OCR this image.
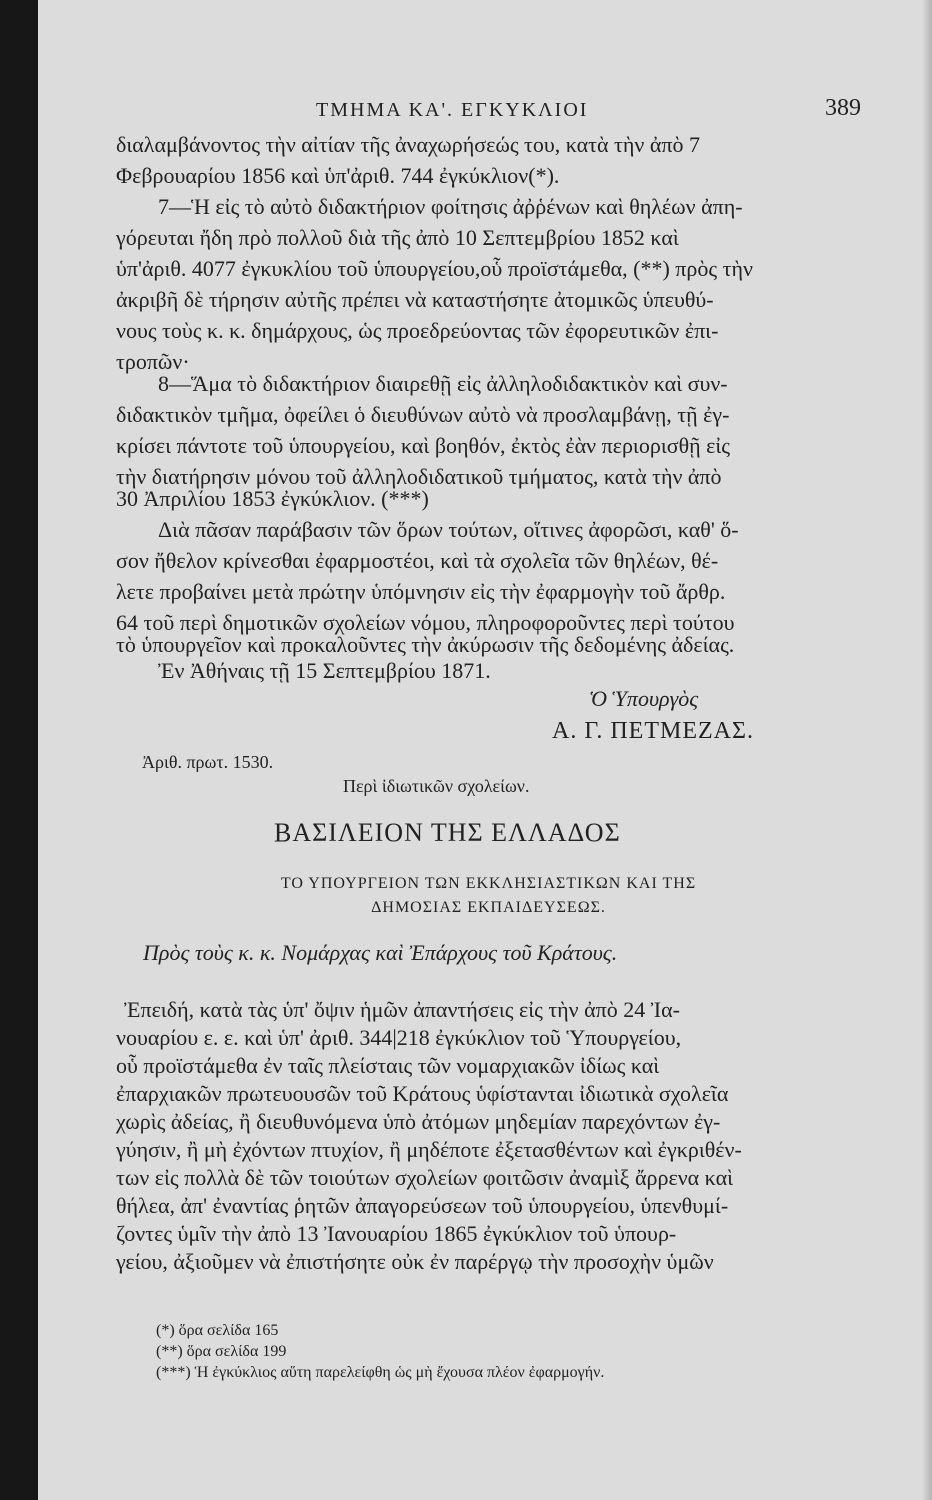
ΤΜΗΜΑ ΚΑ'. ΕΓΚΥΚΛΙΟΙ	389
διαλαμβάνοντος τὴν αἰτίαν τῆς ἀναχωρήσεώς του, κατὰ τὴν ἀπὸ 7
Φεβρουαρίου 1856 καὶ ὑπ'ἀριθ. 744 ἐγκύκλιον(*).
7—Ἡ εἰς τὸ αὐτὸ διδακτήριον φοίτησις ἀῤῥένων καὶ θηλέων ἀπη-
γόρευται ἤδη πρὸ πολλοῦ διὰ τῆς ἀπὸ 10 Σεπτεμβρίου 1852 καὶ
ὑπ'ἀριθ. 4077 ἐγκυκλίου τοῦ ὑπουργείου,οὗ προϊστάμεθα, (**) πρὸς τὴν
ἀκριβῆ δὲ τήρησιν αὐτῆς πρέπει νὰ καταστήσητε ἀτομικῶς ὑπευθύ-
νους τοὺς κ. κ. δημάρχους, ὡς προεδρεύοντας τῶν ἐφορευτικῶν ἐπι-
τροπῶν·
8—Ἅμα τὸ διδακτήριον διαιρεθῇ εἰς ἀλληλοδιδακτικὸν καὶ συν-
διδακτικὸν τμῆμα, ὀφείλει ὁ διευθύνων αὐτὸ νὰ προσλαμβάνῃ, τῇ ἐγ-
κρίσει πάντοτε τοῦ ὑπουργείου, καὶ βοηθόν, ἐκτὸς ἐὰν περιορισθῇ εἰς
τὴν διατήρησιν μόνου τοῦ ἀλληλοδιδατικοῦ τμήματος, κατὰ τὴν ἀπὸ
30 Ἀπριλίου 1853 ἐγκύκλιον. (***)
Διὰ πᾶσαν παράβασιν τῶν ὅρων τούτων, οἵτινες ἀφορῶσι, καθ' ὅ-
σον ἤθελον κρίνεσθαι ἐφαρμοστέοι, καὶ τὰ σχολεῖα τῶν θηλέων, θέ-
λετε προβαίνει μετὰ πρώτην ὑπόμνησιν εἰς τὴν ἐφαρμογὴν τοῦ ἄρθρ.
64 τοῦ περὶ δημοτικῶν σχολείων νόμου, πληροφοροῦντες περὶ τούτου
τὸ ὑπουργεῖον καὶ προκαλοῦντες τὴν ἀκύρωσιν τῆς δεδομένης ἀδείας.
Ἐν Ἀθήναις τῇ 15 Σεπτεμβρίου 1871.
Ὁ Ὑπουργὸς
Α. Γ. ΠΕΤΜΕΖΑΣ.
Ἀριθ. πρωτ. 1530.
Περὶ ἰδιωτικῶν σχολείων.
ΒΑΣΙΛΕΙΟΝ ΤΗΣ ΕΛΛΑΔΟΣ
ΤΟ ΥΠΟΥΡΓΕΙΟΝ ΤΩΝ ΕΚΚΛΗΣΙΑΣΤΙΚΩΝ ΚΑΙ ΤΗΣ
ΔΗΜΟΣΙΑΣ ΕΚΠΑΙΔΕΥΣΕΩΣ.
Πρὸς τοὺς κ. κ. Νομάρχας καὶ Ἐπάρχους τοῦ Κράτους.
Ἐπειδή, κατὰ τὰς ὑπ' ὄψιν ἡμῶν ἀπαντήσεις εἰς τὴν ἀπὸ 24 Ἰα-
νουαρίου ε. ε. καὶ ὑπ' ἀριθ. 344|218 ἐγκύκλιον τοῦ Ὑπουργείου,
οὗ προϊστάμεθα ἐν ταῖς πλείσταις τῶν νομαρχιακῶν ἰδίως καὶ
ἐπαρχιακῶν πρωτευουσῶν τοῦ Κράτους ὑφίστανται ἰδιωτικὰ σχολεῖα
χωρὶς ἀδείας, ἢ διευθυνόμενα ὑπὸ ἀτόμων μηδεμίαν παρεχόντων ἐγ-
γύησιν, ἢ μὴ ἐχόντων πτυχίον, ἢ μηδέποτε ἐξετασθέντων καὶ ἐγκριθέν-
των εἰς πολλὰ δὲ τῶν τοιούτων σχολείων φοιτῶσιν ἀναμὶξ ἄρρενα καὶ
θήλεα, ἀπ' ἐναντίας ῥητῶν ἀπαγορεύσεων τοῦ ὑπουργείου, ὑπενθυμί-
ζοντες ὑμῖν τὴν ἀπὸ 13 Ἰανουαρίου 1865 ἐγκύκλιον τοῦ ὑπουρ-
γείου, ἀξιοῦμεν νὰ ἐπιστήσητε οὐκ ἐν παρέργῳ τὴν προσοχὴν ὑμῶν
(*) ὅρα σελίδα 165
(**) ὅρα σελίδα 199
(***) Ἡ ἐγκύκλιος αὕτη παρελείφθη ὡς μὴ ἔχουσα πλέον ἐφαρμογήν.
